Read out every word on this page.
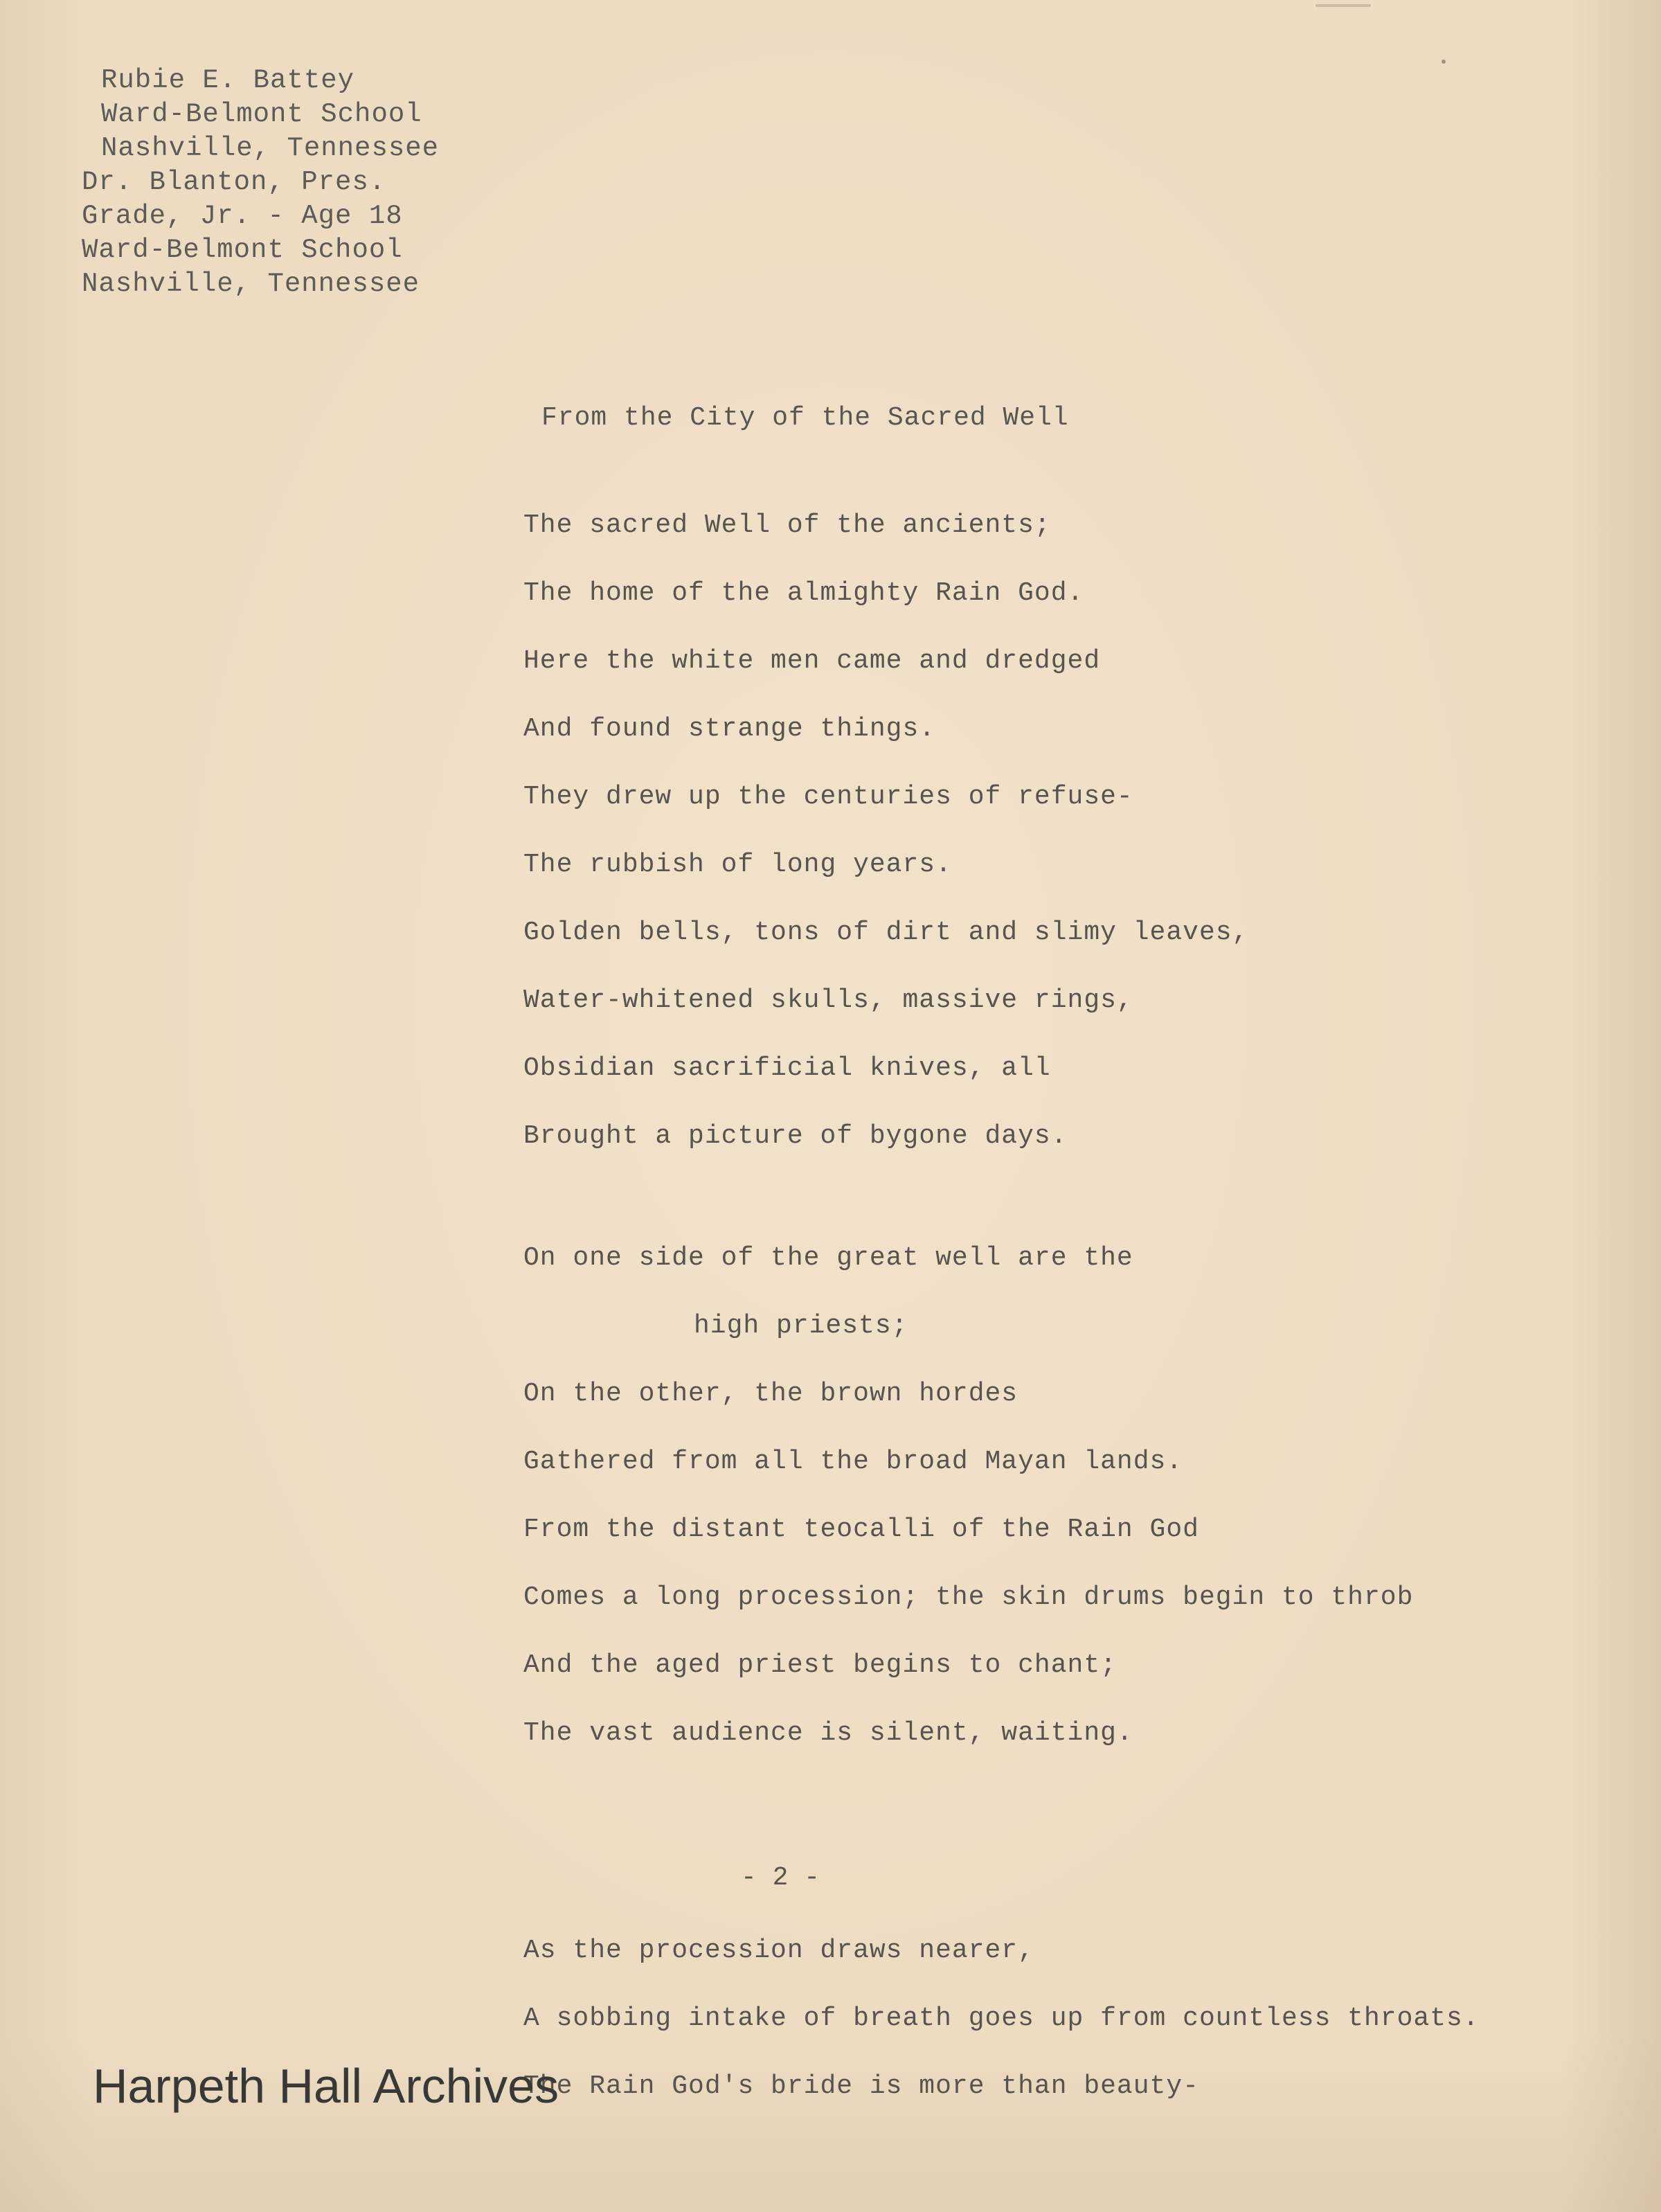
Rubie E. Battey
Ward-Belmont School
Nashville, Tennessee
Dr. Blanton, Pres.
Grade, Jr. - Age 18
Ward-Belmont School
Nashville, Tennessee
From the City of the Sacred Well
The sacred Well of the ancients;
The home of the almighty Rain God.
Here the white men came and dredged
And found strange things.
They drew up the centuries of refuse-
The rubbish of long years.
Golden bells, tons of dirt and slimy leaves,
Water-whitened skulls, massive rings,
Obsidian sacrificial knives, all
Brought a picture of bygone days.
On one side of the great well are the
high priests;
On the other, the brown hordes
Gathered from all the broad Mayan lands.
From the distant teocalli of the Rain God
Comes a long procession; the skin drums begin to throb
And the aged priest begins to chant;
The vast audience is silent, waiting.
- 2 -
As the procession draws nearer,
A sobbing intake of breath goes up from countless throats.
The Rain God's bride is more than beauty-
Harpeth Hall Archives
